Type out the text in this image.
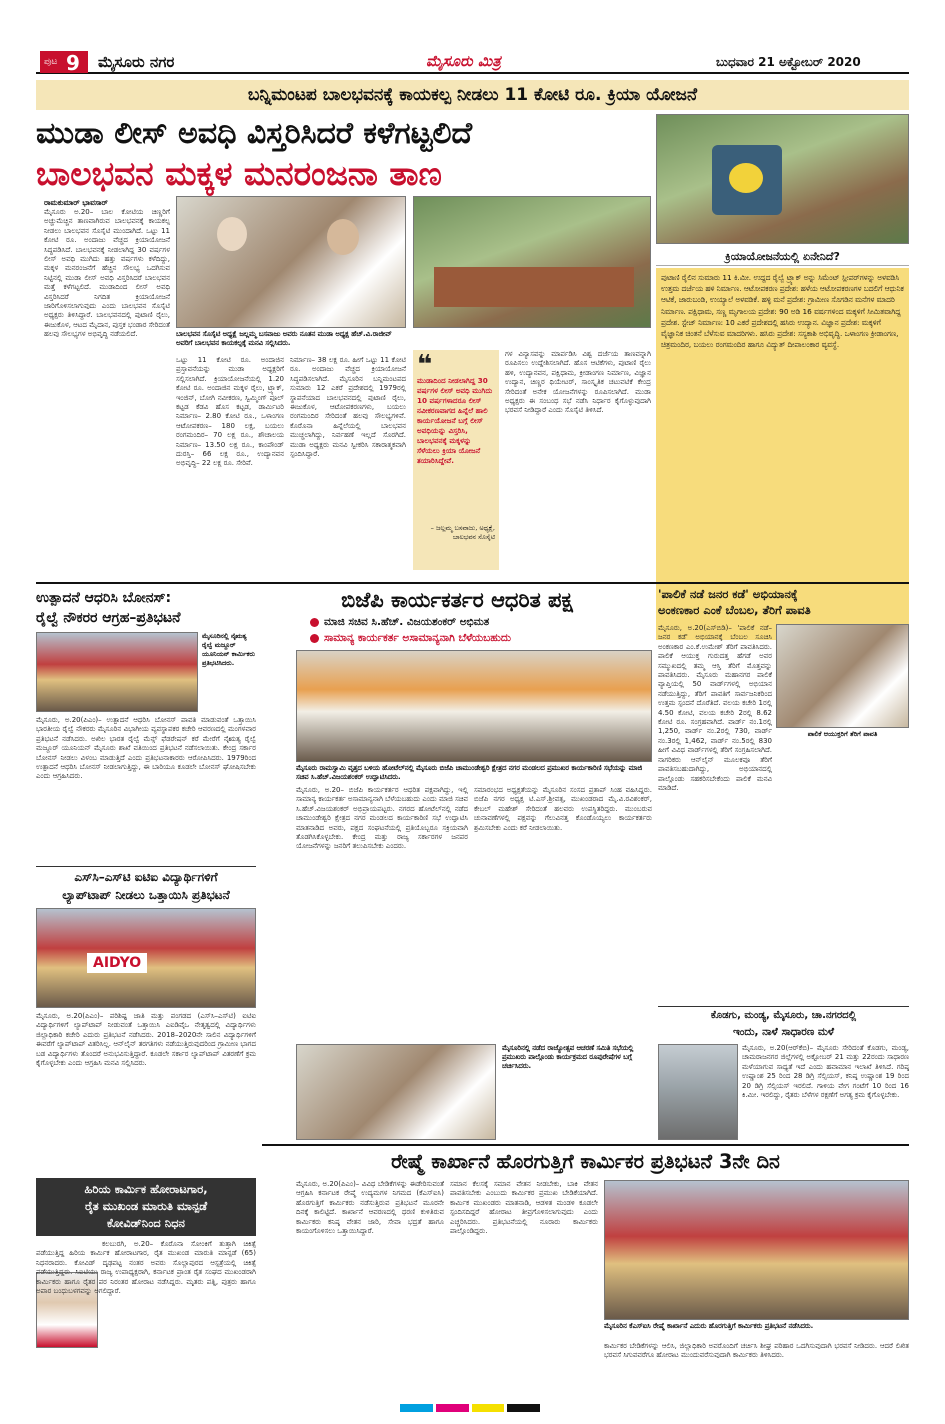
ಪುಟ 9 ಮೈಸೂರು ನಗರ	ಮೈಸೂರು ಮಿತ್ರ	ಬುಧವಾರ 21 ಅಕ್ಟೋಬರ್ 2020
ಬನ್ನಿಮಂಟಪ ಬಾಲಭವನಕ್ಕೆ ಕಾಯಕಲ್ಪ ನೀಡಲು 11 ಕೋಟಿ ರೂ. ಕ್ರಿಯಾ ಯೋಜನೆ
ಮುಡಾ ಲೀಸ್ ಅವಧಿ ವಿಸ್ತರಿಸಿದರೆ ಕಳೆಗಟ್ಟಲಿದೆ
ಬಾಲಭವನ ಮಕ್ಕಳ ಮನರಂಜನಾ ತಾಣ
ಕ್ರಿಯಾಯೋಜನೆಯಲ್ಲಿ ಏನೇನಿದೆ?
ಪುಟಾಣಿ ರೈಲಿನ ಸುಮಾರು 11 ಕಿ.ಮೀ. ಉದ್ದದ ರೈಲ್ವೆ ಟ್ರ್ಯಾಕ್ ಅನ್ನು ಸಿಮೆಂಟ್ ಸ್ಲೀಪರ್‌ಗಳನ್ನು ಅಳವಡಿಸಿ ಉತ್ತಮ ದರ್ಜೆಯ ಹಳಿ ನಿರ್ಮಾಣ. ಆಟೋಪಕರಣ ಪ್ರದೇಶ: ಹಳೆಯ ಆಟೋಪಕರಣಗಳ ಬದಲಿಗೆ ಆಧುನಿಕ ಆಟಿಕೆ, ಜಾರುಬಂಡಿ, ಉಯ್ಯಾಲೆ ಅಳವಡಿಕೆ. ಹಳ್ಳಿ ಮನೆ ಪ್ರದೇಶ: ಗ್ರಾಮೀಣ ಸೊಗಡಿನ ಮನೆಗಳ ಮಾದರಿ ನಿರ್ಮಾಣ. ಪಕ್ಷಿಧಾಮ, ಸಣ್ಣ ಮೃಗಾಲಯ ಪ್ರದೇಶ: 90 ಅಡಿ 16 ವರ್ಷಗಳಿಂದ ಮಕ್ಕಳಿಗೆ ಸೀಮಿತವಾಗಿದ್ದ ಪ್ರದೇಶ. ಸ್ಟೇಜ್ ನಿರ್ಮಾಣ: 10 ಎಕರೆ ಪ್ರದೇಶದಲ್ಲಿ ಹಸಿರು ಉದ್ಯಾನ. ವಿಜ್ಞಾನ ಪ್ರದೇಶ: ಮಕ್ಕಳಿಗೆ ವೈಜ್ಞಾನಿಕ ಚಿಂತನೆ ಬೆಳೆಸುವ ಮಾದರಿಗಳು. ಹಸಿರು ಪ್ರದೇಶ: ಸಸ್ಯಕಾಶಿ ಅಭಿವೃದ್ಧಿ. ಒಳಾಂಗಣ ಕ್ರೀಡಾಂಗಣ, ಚಿತ್ರಮಂದಿರ, ಬಯಲು ರಂಗಮಂದಿರ ಹಾಗೂ ವಿದ್ಯುತ್ ದೀಪಾಲಂಕಾರ ವ್ಯವಸ್ಥೆ.
ರಾಮಕುಮಾರ್ ಭಾವಸಾರ್
ಮೈಸೂರು ಅ.20– ಬಾಲ ಕೋಟಿಯ ಚಿಣ್ಣರಿಗೆ ಅಚ್ಚುಮೆಚ್ಚಿನ ತಾಣವಾಗಿರುವ ಬಾಲಭವನಕ್ಕೆ ಕಾಯಕಲ್ಪ ನೀಡಲು ಬಾಲಭವನ ಸೊಸೈಟಿ ಮುಂದಾಗಿದೆ. ಒಟ್ಟು 11 ಕೋಟಿ ರೂ. ಅಂದಾಜು ವೆಚ್ಚದ ಕ್ರಿಯಾಯೋಜನೆ ಸಿದ್ಧಪಡಿಸಿದೆ. ಬಾಲಭವನಕ್ಕೆ ನೀಡಲಾಗಿದ್ದ 30 ವರ್ಷಗಳ ಲೀಸ್ ಅವಧಿ ಮುಗಿದು ಹತ್ತು ವರ್ಷಗಳು ಕಳೆದಿದ್ದು, ಮಕ್ಕಳ ಮನರಂಜನೆಗೆ ಹೆಚ್ಚಿನ ಸೌಲಭ್ಯ ಒದಗಿಸುವ ನಿಟ್ಟಿನಲ್ಲಿ ಮುಡಾ ಲೀಸ್ ಅವಧಿ ವಿಸ್ತರಿಸಿದರೆ ಬಾಲಭವನ ಮತ್ತೆ ಕಳೆಗಟ್ಟಲಿದೆ. ಮುಡಾದಿಂದ ಲೀಸ್ ಅವಧಿ ವಿಸ್ತರಿಸಿದರೆ ನಿಗದಿತ ಕ್ರಿಯಾಯೋಜನೆ ಜಾರಿಗೊಳಿಸಲಾಗುವುದು ಎಂದು ಬಾಲಭವನ ಸೊಸೈಟಿ ಅಧ್ಯಕ್ಷರು ತಿಳಿಸಿದ್ದಾರೆ. ಬಾಲಭವನದಲ್ಲಿ ಪುಟಾಣಿ ರೈಲು, ಈಜುಕೊಳ, ಆಟದ ಮೈದಾನ, ಪುಸ್ತಕ ಭಂಡಾರ ಸೇರಿದಂತೆ ಹಲವು ಸೌಲಭ್ಯಗಳ ಅಭಿವೃದ್ಧಿ ನಡೆಯಲಿದೆ.	ಬಾಲಭವನ ಸೊಸೈಟಿ ಅಧ್ಯಕ್ಷೆ ಜಲ್ಲಮ್ಮ ಬಸವಾಜು ಅವರು ನೂತನ ಮುಡಾ ಅಧ್ಯಕ್ಷ ಹೆಚ್.ವಿ.ರಾಜೀವ್ ಅವರಿಗೆ ಬಾಲಭವನ ಕಾಯಕಲ್ಪಕ್ಕೆ ಮನವಿ ಸಲ್ಲಿಸಿದರು.
❝
ಮುಡಾದಿಂದ ನೀಡಲಾಗಿದ್ದ 30 ವರ್ಷಗಳ ಲೀಸ್ ಅವಧಿ ಮುಗಿದು 10 ವರ್ಷಗಳಾದರೂ ಲೀಸ್ ನವೀಕರಣವಾಗದ ಹಿನ್ನೆಲೆ ಹಾಲಿ ಕಾರ್ಯಯೋಜನೆ ಬಗ್ಗೆ ಲೀಸ್ ಅವಧಿಯನ್ನು ವಿಸ್ತರಿಸಿ, ಬಾಲಭವನಕ್ಕೆ ಮಕ್ಕಳನ್ನು ಸೆಳೆಯಲು ಕ್ರಿಯಾ ಯೋಜನೆ ತಯಾರಿಸಿದ್ದೇವೆ.
– ಜಲ್ಲಮ್ಮ ಬಸವಾಜು, ಅಧ್ಯಕ್ಷೆ, ಬಾಲಭವನ ಸೊಸೈಟಿ
ಒಟ್ಟು 11 ಕೋಟಿ ರೂ. ಅಂದಾಜಿನ ಪ್ರಸ್ತಾವನೆಯನ್ನು ಮುಡಾ ಅಧ್ಯಕ್ಷರಿಗೆ ಸಲ್ಲಿಸಲಾಗಿದೆ. ಕ್ರಿಯಾಯೋಜನೆಯಲ್ಲಿ 1.20 ಕೋಟಿ ರೂ. ಅಂದಾಜಿನ ಮಕ್ಕಳ ರೈಲು, ಟ್ರ್ಯಾಕ್, ಇಂಜಿನ್, ಬೋಗಿ ನವೀಕರಣ, ಸ್ವಿಮ್ಮಿಂಗ್ ಪೂಲ್ ಕಟ್ಟಡ ಕೆಡವಿ ಹೊಸ ಕಟ್ಟಡ, ಡಾರ್ಮಿಟರಿ ನಿರ್ಮಾಣ– 2.80 ಕೋಟಿ ರೂ., ಒಳಾಂಗಣ ಆಟೋಪಕರಣ– 180 ಲಕ್ಷ, ಬಯಲು ರಂಗಮಂದಿರ– 70 ಲಕ್ಷ ರೂ., ಶೌಚಾಲಯ ನಿರ್ಮಾಣ– 13.50 ಲಕ್ಷ ರೂ., ಕಾಂಪೌಂಡ್ ದುರಸ್ತಿ– 66 ಲಕ್ಷ ರೂ., ಉದ್ಯಾನವನ ಅಭಿವೃದ್ಧಿ– 22 ಲಕ್ಷ ರೂ. ಸೇರಿವೆ.
ನಿರ್ಮಾಣ– 38 ಲಕ್ಷ ರೂ. ಹೀಗೆ ಒಟ್ಟು 11 ಕೋಟಿ ರೂ. ಅಂದಾಜು ವೆಚ್ಚದ ಕ್ರಿಯಾಯೋಜನೆ ಸಿದ್ಧಪಡಿಸಲಾಗಿದೆ. ಮೈಸೂರಿನ ಬನ್ನಿಮಂಟಪದ ಸುಮಾರು 12 ಎಕರೆ ಪ್ರದೇಶದಲ್ಲಿ 1979ರಲ್ಲಿ ಸ್ಥಾಪನೆಯಾದ ಬಾಲಭವನದಲ್ಲಿ ಪುಟಾಣಿ ರೈಲು, ಈಜುಕೊಳ, ಆಟೋಪಕರಣಗಳು, ಬಯಲು ರಂಗಮಂದಿರ ಸೇರಿದಂತೆ ಹಲವು ಸೌಲಭ್ಯಗಳಿವೆ. ಕೊರೊನಾ ಹಿನ್ನೆಲೆಯಲ್ಲಿ ಬಾಲಭವನ ಮುಚ್ಚಲಾಗಿದ್ದು, ನಿರ್ವಹಣೆ ಇಲ್ಲದೆ ಸೊರಗಿದೆ. ಮುಡಾ ಅಧ್ಯಕ್ಷರು ಮನವಿ ಸ್ವೀಕರಿಸಿ ಸಕಾರಾತ್ಮಕವಾಗಿ ಸ್ಪಂದಿಸಿದ್ದಾರೆ.
ಗಳ ವಿನ್ಯಾಸವನ್ನು ಮಾರ್ಪಡಿಸಿ ವಿಶ್ವ ದರ್ಜೆಯ ತಾಣವನ್ನಾಗಿ ರೂಪಿಸಲು ಉದ್ದೇಶಿಸಲಾಗಿದೆ. ಹೊಸ ಆಟಿಕೆಗಳು, ಪುಟಾಣಿ ರೈಲು ಹಳಿ, ಉದ್ಯಾನವನ, ಪಕ್ಷಿಧಾಮ, ಕ್ರೀಡಾಂಗಣ ನಿರ್ಮಾಣ, ವಿಜ್ಞಾನ ಉದ್ಯಾನ, ಚಿಣ್ಣರ ಥಿಯೇಟರ್, ಸಾಂಸ್ಕೃತಿಕ ಚಟುವಟಿಕೆ ಕೇಂದ್ರ ಸೇರಿದಂತೆ ಅನೇಕ ಯೋಜನೆಗಳನ್ನು ರೂಪಿಸಲಾಗಿದೆ. ಮುಡಾ ಅಧ್ಯಕ್ಷರು ಈ ಸಂಬಂಧ ಸಭೆ ನಡೆಸಿ ನಿರ್ಧಾರ ಕೈಗೊಳ್ಳುವುದಾಗಿ ಭರವಸೆ ನೀಡಿದ್ದಾರೆ ಎಂದು ಸೊಸೈಟಿ ತಿಳಿಸಿದೆ.
ಉತ್ಪಾದನೆ ಆಧರಿಸಿ ಬೋನಸ್:
ರೈಲ್ವೆ ನೌಕರರ ಆಗ್ರಹ–ಪ್ರತಿಭಟನೆ
ಮೈಸೂರಿನಲ್ಲಿ ನೈಋತ್ಯ ರೈಲ್ವೆ ಮಜ್ದೂರ್ ಯೂನಿಯನ್ ಕಾರ್ಮಿಕರು ಪ್ರತಿಭಟಿಸಿದರು.
ಮೈಸೂರು, ಅ.20(ಪಿಎಂ)– ಉತ್ಪಾದನೆ ಆಧರಿಸಿ ಬೋನಸ್ ಪಾವತಿ ಮಾಡುವಂತೆ ಒತ್ತಾಯಿಸಿ ಭಾರತೀಯ ರೈಲ್ವೆ ನೌಕರರು ಮೈಸೂರಿನ ವಿಭಾಗೀಯ ವ್ಯವಸ್ಥಾಪಕರ ಕಚೇರಿ ಆವರಣದಲ್ಲಿ ಮಂಗಳವಾರ ಪ್ರತಿಭಟನೆ ನಡೆಸಿದರು. ಅಖಿಲ ಭಾರತ ರೈಲ್ವೆ ಮೆನ್ಸ್ ಫೆಡರೇಷನ್ ಕರೆ ಮೇರೆಗೆ ನೈಋತ್ಯ ರೈಲ್ವೆ ಮಜ್ದೂರ್ ಯೂನಿಯನ್ ಮೈಸೂರು ಶಾಖೆ ವತಿಯಿಂದ ಪ್ರತಿಭಟನೆ ನಡೆಸಲಾಯಿತು. ಕೇಂದ್ರ ಸರ್ಕಾರ ಬೋನಸ್ ನೀಡಲು ವಿಳಂಬ ಮಾಡುತ್ತಿದೆ ಎಂದು ಪ್ರತಿಭಟನಾಕಾರರು ಆರೋಪಿಸಿದರು. 1979ರಿಂದ ಉತ್ಪಾದನೆ ಆಧರಿಸಿ ಬೋನಸ್ ನೀಡಲಾಗುತ್ತಿದ್ದು, ಈ ಬಾರಿಯೂ ಕೂಡಲೇ ಬೋನಸ್ ಘೋಷಿಸಬೇಕು ಎಂದು ಆಗ್ರಹಿಸಿದರು.
ಎಸ್‌ಸಿ–ಎಸ್‌ಟಿ ಐಟಿಐ ವಿದ್ಯಾರ್ಥಿಗಳಿಗೆ
ಲ್ಯಾಪ್‌ಟಾಪ್ ನೀಡಲು ಒತ್ತಾಯಿಸಿ ಪ್ರತಿಭಟನೆ
AIDYO
ಮೈಸೂರು, ಅ.20(ಪಿಎಂ)– ಪರಿಶಿಷ್ಟ ಜಾತಿ ಮತ್ತು ಪಂಗಡದ (ಎಸ್‌ಸಿ–ಎಸ್‌ಟಿ) ಐಟಿಐ ವಿದ್ಯಾರ್ಥಿಗಳಿಗೆ ಲ್ಯಾಪ್‌ಟಾಪ್ ನೀಡುವಂತೆ ಒತ್ತಾಯಿಸಿ ಎಐಡಿವೈಒ ನೇತೃತ್ವದಲ್ಲಿ ವಿದ್ಯಾರ್ಥಿಗಳು ಜಿಲ್ಲಾಧಿಕಾರಿ ಕಚೇರಿ ಎದುರು ಪ್ರತಿಭಟನೆ ನಡೆಸಿದರು. 2018–2020ನೇ ಸಾಲಿನ ವಿದ್ಯಾರ್ಥಿಗಳಿಗೆ ಈವರೆಗೆ ಲ್ಯಾಪ್‌ಟಾಪ್ ವಿತರಿಸಿಲ್ಲ. ಆನ್‌ಲೈನ್ ತರಗತಿಗಳು ನಡೆಯುತ್ತಿರುವುದರಿಂದ ಗ್ರಾಮೀಣ ಭಾಗದ ಬಡ ವಿದ್ಯಾರ್ಥಿಗಳು ತೊಂದರೆ ಅನುಭವಿಸುತ್ತಿದ್ದಾರೆ. ಕೂಡಲೇ ಸರ್ಕಾರ ಲ್ಯಾಪ್‌ಟಾಪ್ ವಿತರಣೆಗೆ ಕ್ರಮ ಕೈಗೊಳ್ಳಬೇಕು ಎಂದು ಆಗ್ರಹಿಸಿ ಮನವಿ ಸಲ್ಲಿಸಿದರು.
ಹಿರಿಯ ಕಾರ್ಮಿಕ ಹೋರಾಟಗಾರ,
ರೈತ ಮುಖಂಡ ಮಾರುತಿ ಮಾನ್ಪಡೆ
ಕೋವಿಡ್‌ನಿಂದ ನಿಧನ
ಕಲಬುರಗಿ, ಅ.20– ಕೊರೊನಾ ಸೋಂಕಿಗೆ ತುತ್ತಾಗಿ ಚಿಕಿತ್ಸೆ ಪಡೆಯುತ್ತಿದ್ದ ಹಿರಿಯ ಕಾರ್ಮಿಕ ಹೋರಾಟಗಾರ, ರೈತ ಮುಖಂಡ ಮಾರುತಿ ಮಾನ್ಪಡೆ (65) ನಿಧನರಾದರು. ಕೋವಿಡ್ ದೃಢಪಟ್ಟ ನಂತರ ಅವರು ಸೊಲ್ಲಾಪುರದ ಆಸ್ಪತ್ರೆಯಲ್ಲಿ ಚಿಕಿತ್ಸೆ ಪಡೆಯುತ್ತಿದ್ದರು. ಸಿಐಟಿಯು ರಾಜ್ಯ ಉಪಾಧ್ಯಕ್ಷರಾಗಿ, ಕರ್ನಾಟಕ ಪ್ರಾಂತ ರೈತ ಸಂಘದ ಮುಖಂಡರಾಗಿ ಕಾರ್ಮಿಕರು ಹಾಗೂ ರೈತರ ಪರ ನಿರಂತರ ಹೋರಾಟ ನಡೆಸಿದ್ದರು. ಮೃತರು ಪತ್ನಿ, ಪುತ್ರರು ಹಾಗೂ ಅಪಾರ ಬಂಧುಬಳಗವನ್ನು ಅಗಲಿದ್ದಾರೆ.
ಬಿಜೆಪಿ ಕಾರ್ಯಕರ್ತರ ಆಧರಿತ ಪಕ್ಷ
ಮಾಜಿ ಸಚಿವ ಸಿ.ಹೆಚ್. ವಿಜಯಶಂಕರ್ ಅಭಿಮತ
ಸಾಮಾನ್ಯ ಕಾರ್ಯಕರ್ತ ಅಸಾಮಾನ್ಯನಾಗಿ ಬೆಳೆಯಬಹುದು
ಮೈಸೂರು ರಾಮಸ್ವಾಮಿ ವೃತ್ತದ ಬಳಿಯ ಹೋಟೆಲ್‌ನಲ್ಲಿ ಮೈಸೂರು ಬಿಜೆಪಿ ಚಾಮುಂಡೇಶ್ವರಿ ಕ್ಷೇತ್ರದ ನಗರ ಮಂಡಲದ ಪ್ರಮುಖರ ಕಾರ್ಯಕಾರಿಣಿ ಸಭೆಯನ್ನು ಮಾಜಿ ಸಚಿವ ಸಿ.ಹೆಚ್.ವಿಜಯಶಂಕರ್ ಉದ್ಘಾಟಿಸಿದರು.
ಮೈಸೂರು, ಅ.20– ಬಿಜೆಪಿ ಕಾರ್ಯಕರ್ತರ ಆಧರಿತ ಪಕ್ಷವಾಗಿದ್ದು, ಇಲ್ಲಿ ಸಾಮಾನ್ಯ ಕಾರ್ಯಕರ್ತ ಅಸಾಮಾನ್ಯನಾಗಿ ಬೆಳೆಯಬಹುದು ಎಂದು ಮಾಜಿ ಸಚಿವ ಸಿ.ಹೆಚ್.ವಿಜಯಶಂಕರ್ ಅಭಿಪ್ರಾಯಪಟ್ಟರು. ನಗರದ ಹೋಟೆಲ್‌ನಲ್ಲಿ ನಡೆದ ಚಾಮುಂಡೇಶ್ವರಿ ಕ್ಷೇತ್ರದ ನಗರ ಮಂಡಲದ ಕಾರ್ಯಕಾರಿಣಿ ಸಭೆ ಉದ್ಘಾಟಿಸಿ ಮಾತನಾಡಿದ ಅವರು, ಪಕ್ಷದ ಸಂಘಟನೆಯಲ್ಲಿ ಪ್ರತಿಯೊಬ್ಬರೂ ಸಕ್ರಿಯವಾಗಿ ತೊಡಗಿಸಿಕೊಳ್ಳಬೇಕು. ಕೇಂದ್ರ ಮತ್ತು ರಾಜ್ಯ ಸರ್ಕಾರಗಳ ಜನಪರ ಯೋಜನೆಗಳನ್ನು ಜನರಿಗೆ ತಲುಪಿಸಬೇಕು ಎಂದರು.
ಸಮಾರಂಭದ ಅಧ್ಯಕ್ಷತೆಯನ್ನು ಮೈಸೂರಿನ ಸಂಸದ ಪ್ರತಾಪ್ ಸಿಂಹ ವಹಿಸಿದ್ದರು. ಬಿಜೆಪಿ ನಗರ ಅಧ್ಯಕ್ಷ ಟಿ.ಎಸ್.ಶ್ರೀವತ್ಸ, ಮುಖಂಡರಾದ ಮೈ.ವಿ.ರವಿಶಂಕರ್, ಕೇಬಲ್ ಮಹೇಶ್ ಸೇರಿದಂತೆ ಹಲವರು ಉಪಸ್ಥಿತರಿದ್ದರು. ಮುಂಬರುವ ಚುನಾವಣೆಗಳಲ್ಲಿ ಪಕ್ಷವನ್ನು ಗೆಲುವಿನತ್ತ ಕೊಂಡೊಯ್ಯಲು ಕಾರ್ಯಕರ್ತರು ಶ್ರಮಿಸಬೇಕು ಎಂದು ಕರೆ ನೀಡಲಾಯಿತು.
ಮೈಸೂರಿನಲ್ಲಿ ನಡೆದ ರಾಜ್ಯೋತ್ಸವ ಆಚರಣೆ ಸಮಿತಿ ಸಭೆಯಲ್ಲಿ ಪ್ರಮುಖರು ಪಾಲ್ಗೊಂಡು ಕಾರ್ಯಕ್ರಮದ ರೂಪುರೇಷೆಗಳ ಬಗ್ಗೆ ಚರ್ಚಿಸಿದರು.
'ಪಾಲಿಕೆ ನಡೆ ಜನರ ಕಡೆ' ಅಭಿಯಾನಕ್ಕೆ
ಅಂಕಣಕಾರ ಎಂಕೆ ಬೆಂಬಲ, ತೆರಿಗೆ ಪಾವತಿ
ಪಾಲಿಕೆ ಆಯುಕ್ತರಿಗೆ ತೆರಿಗೆ ಪಾವತಿ
ಮೈಸೂರು, ಅ.20(ಎಸ್‌ಬಿಡಿ)– 'ಪಾಲಿಕೆ ನಡೆ–ಜನರ ಕಡೆ' ಅಭಿಯಾನಕ್ಕೆ ಬೆಂಬಲ ಸೂಚಿಸಿ ಅಂಕಣಕಾರ ಎಂ.ಕೆ.ಉಮೇಶ್ ತೆರಿಗೆ ಪಾವತಿಸಿದರು. ಪಾಲಿಕೆ ಆಯುಕ್ತ ಗುರುದತ್ತ ಹೆಗಡೆ ಅವರ ಸಮ್ಮುಖದಲ್ಲಿ ತಮ್ಮ ಆಸ್ತಿ ತೆರಿಗೆ ಮೊತ್ತವನ್ನು ಪಾವತಿಸಿದರು. ಮೈಸೂರು ಮಹಾನಗರ ಪಾಲಿಕೆ ವ್ಯಾಪ್ತಿಯಲ್ಲಿ 50 ವಾರ್ಡ್‌ಗಳಲ್ಲಿ ಅಭಿಯಾನ ನಡೆಯುತ್ತಿದ್ದು, ತೆರಿಗೆ ಪಾವತಿಗೆ ಸಾರ್ವಜನಿಕರಿಂದ ಉತ್ತಮ ಸ್ಪಂದನೆ ದೊರೆತಿದೆ. ವಲಯ ಕಚೇರಿ 1ರಲ್ಲಿ 4.50 ಕೋಟಿ, ವಲಯ ಕಚೇರಿ 2ರಲ್ಲಿ 8.62 ಕೋಟಿ ರೂ. ಸಂಗ್ರಹವಾಗಿದೆ. ವಾರ್ಡ್ ನಂ.1ರಲ್ಲಿ 1,250, ವಾರ್ಡ್ ನಂ.2ರಲ್ಲಿ 730, ವಾರ್ಡ್ ನಂ.3ರಲ್ಲಿ 1,462, ವಾರ್ಡ್ ನಂ.5ರಲ್ಲಿ 830 ಹೀಗೆ ವಿವಿಧ ವಾರ್ಡ್‌ಗಳಲ್ಲಿ ತೆರಿಗೆ ಸಂಗ್ರಹಿಸಲಾಗಿದೆ. ನಾಗರಿಕರು ಆನ್‌ಲೈನ್ ಮೂಲಕವೂ ತೆರಿಗೆ ಪಾವತಿಸಬಹುದಾಗಿದ್ದು, ಅಭಿಯಾನದಲ್ಲಿ ಪಾಲ್ಗೊಂಡು ಸಹಕರಿಸಬೇಕೆಂದು ಪಾಲಿಕೆ ಮನವಿ ಮಾಡಿದೆ.
ಕೊಡಗು, ಮಂಡ್ಯ, ಮೈಸೂರು, ಚಾ.ನಗರದಲ್ಲಿ
ಇಂದು, ನಾಳೆ ಸಾಧಾರಣ ಮಳೆ
ಮೈಸೂರು, ಅ.20(ಆರ್‌ಕೆಬಿ)– ಮೈಸೂರು ಸೇರಿದಂತೆ ಕೊಡಗು, ಮಂಡ್ಯ, ಚಾಮರಾಜನಗರ ಜಿಲ್ಲೆಗಳಲ್ಲಿ ಅಕ್ಟೋಬರ್ 21 ಮತ್ತು 22ರಂದು ಸಾಧಾರಣ ಮಳೆಯಾಗುವ ಸಾಧ್ಯತೆ ಇದೆ ಎಂದು ಹವಾಮಾನ ಇಲಾಖೆ ತಿಳಿಸಿದೆ. ಗರಿಷ್ಠ ಉಷ್ಣಾಂಶ 25 ರಿಂದ 28 ಡಿಗ್ರಿ ಸೆಲ್ಸಿಯಸ್, ಕನಿಷ್ಠ ಉಷ್ಣಾಂಶ 19 ರಿಂದ 20 ಡಿಗ್ರಿ ಸೆಲ್ಸಿಯಸ್ ಇರಲಿದೆ. ಗಾಳಿಯ ವೇಗ ಗಂಟೆಗೆ 10 ರಿಂದ 16 ಕಿ.ಮೀ. ಇರಲಿದ್ದು, ರೈತರು ಬೆಳೆಗಳ ರಕ್ಷಣೆಗೆ ಅಗತ್ಯ ಕ್ರಮ ಕೈಗೊಳ್ಳಬೇಕು.
ರೇಷ್ಮೆ ಕಾರ್ಖಾನೆ ಹೊರಗುತ್ತಿಗೆ ಕಾರ್ಮಿಕರ ಪ್ರತಿಭಟನೆ 3ನೇ ದಿನ
ಮೈಸೂರು, ಅ.20(ಪಿಎಂ)– ವಿವಿಧ ಬೇಡಿಕೆಗಳನ್ನು ಈಡೇರಿಸುವಂತೆ ಆಗ್ರಹಿಸಿ ಕರ್ನಾಟಕ ರೇಷ್ಮೆ ಉದ್ಯಮಗಳ ನಿಗಮದ (ಕೆಎಸ್‌ಐಸಿ) ಹೊರಗುತ್ತಿಗೆ ಕಾರ್ಮಿಕರು ನಡೆಸುತ್ತಿರುವ ಪ್ರತಿಭಟನೆ ಮೂರನೇ ದಿನಕ್ಕೆ ಕಾಲಿಟ್ಟಿದೆ. ಕಾರ್ಖಾನೆ ಆವರಣದಲ್ಲಿ ಧರಣಿ ಕುಳಿತಿರುವ ಕಾರ್ಮಿಕರು ಕನಿಷ್ಠ ವೇತನ ಜಾರಿ, ಸೇವಾ ಭದ್ರತೆ ಹಾಗೂ ಕಾಯಂಗೊಳಿಸಲು ಒತ್ತಾಯಿಸಿದ್ದಾರೆ.
ಸಮಾನ ಕೆಲಸಕ್ಕೆ ಸಮಾನ ವೇತನ ನೀಡಬೇಕು, ಬಾಕಿ ವೇತನ ಪಾವತಿಸಬೇಕು ಎಂಬುದು ಕಾರ್ಮಿಕರ ಪ್ರಮುಖ ಬೇಡಿಕೆಯಾಗಿದೆ. ಕಾರ್ಮಿಕ ಮುಖಂಡರು ಮಾತನಾಡಿ, ಆಡಳಿತ ಮಂಡಳಿ ಕೂಡಲೇ ಸ್ಪಂದಿಸದಿದ್ದರೆ ಹೋರಾಟ ತೀವ್ರಗೊಳಿಸಲಾಗುವುದು ಎಂದು ಎಚ್ಚರಿಸಿದರು. ಪ್ರತಿಭಟನೆಯಲ್ಲಿ ನೂರಾರು ಕಾರ್ಮಿಕರು ಪಾಲ್ಗೊಂಡಿದ್ದರು.
ಮೈಸೂರಿನ ಕೆಎಸ್‌ಐಸಿ ರೇಷ್ಮೆ ಕಾರ್ಖಾನೆ ಎದುರು ಹೊರಗುತ್ತಿಗೆ ಕಾರ್ಮಿಕರು ಪ್ರತಿಭಟನೆ ನಡೆಸಿದರು.
ಕಾರ್ಮಿಕರ ಬೇಡಿಕೆಗಳನ್ನು ಆಲಿಸಿ, ಜಿಲ್ಲಾಧಿಕಾರಿ ಅವರೊಂದಿಗೆ ಚರ್ಚಿಸಿ ಶೀಘ್ರ ಪರಿಹಾರ ಒದಗಿಸುವುದಾಗಿ ಭರವಸೆ ನೀಡಿದರು. ಆದರೆ ಲಿಖಿತ ಭರವಸೆ ಸಿಗುವವರೆಗೂ ಹೋರಾಟ ಮುಂದುವರೆಸುವುದಾಗಿ ಕಾರ್ಮಿಕರು ತಿಳಿಸಿದರು.
